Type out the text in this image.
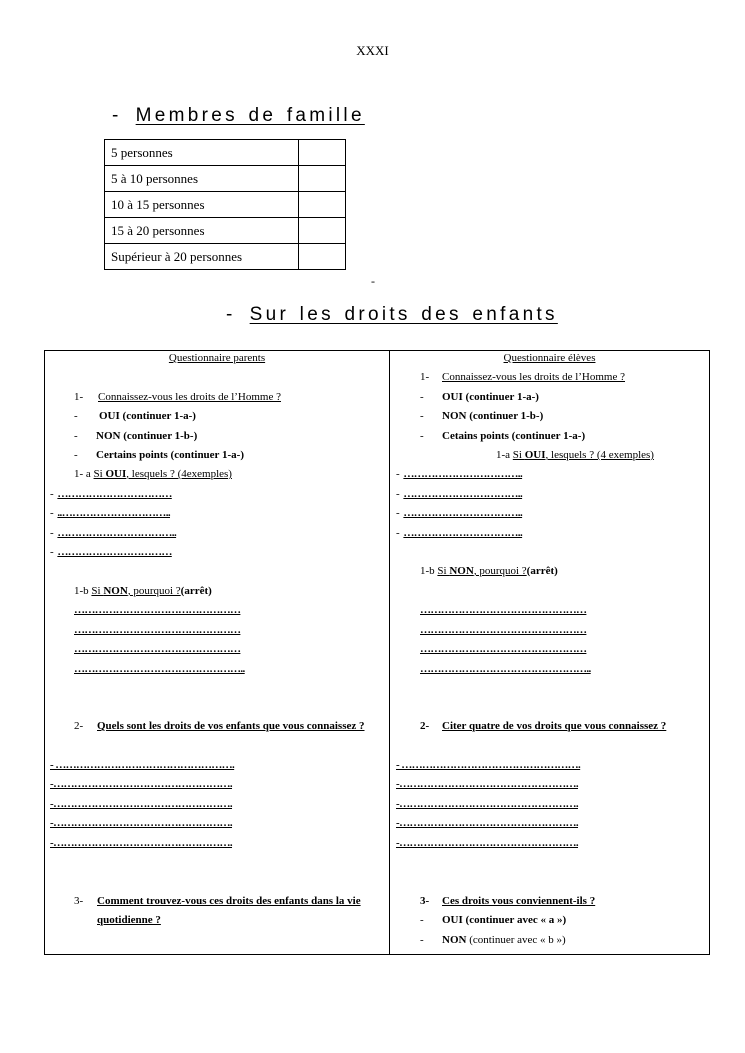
XXXI
- Membres de famille
5 personnes	
5 à 10 personnes	
10 à 15 personnes	
15 à 20 personnes	
Supérieur à 20 personnes	
-
- Sur les droits des enfants
Questionnaire parents
1- Connaissez-vous les droits de l’Homme ?
- OUI (continuer 1-a-)
- NON (continuer 1-b-)
- Certains points (continuer 1-a-)
1- a Si OUI, lesquels ? (4exemples)
- ……………………………
- ..…………………………..
- ……………………………..
- ……………………………
1-b Si NON, pourquoi ?(arrêt)
…………………………………………
…………………………………………
…………………………………………
…………………………………………..
2- Quels sont les droits de vos enfants que vous connaissez ?
- …………………………………………….
-…………………………………………….
-…………………………………………….
-…………………………………………….
-…………………………………………….
3- Comment trouvez-vous ces droits des enfants dans la vie
quotidienne ?
Questionnaire élèves
1- Connaissez-vous les droits de l’Homme ?
- OUI (continuer 1-a-)
- NON (continuer 1-b-)
- Cetains points (continuer 1-a-)
1-a Si OUI, lesquels ? (4 exemples)
- ……………………………..
- ……………………………..
- ……………………………..
- ……………………………..
1-b Si NON, pourquoi ?(arrêt)
…………………………………………
…………………………………………
…………………………………………
…………………………………………..
2- Citer quatre de vos droits que vous connaissez ?
- …………………………………………….
-…………………………………………….
-…………………………………………….
-…………………………………………….
-…………………………………………….
3- Ces droits vous conviennent-ils ?
- OUI (continuer avec « a »)
- NON (continuer avec « b »)
